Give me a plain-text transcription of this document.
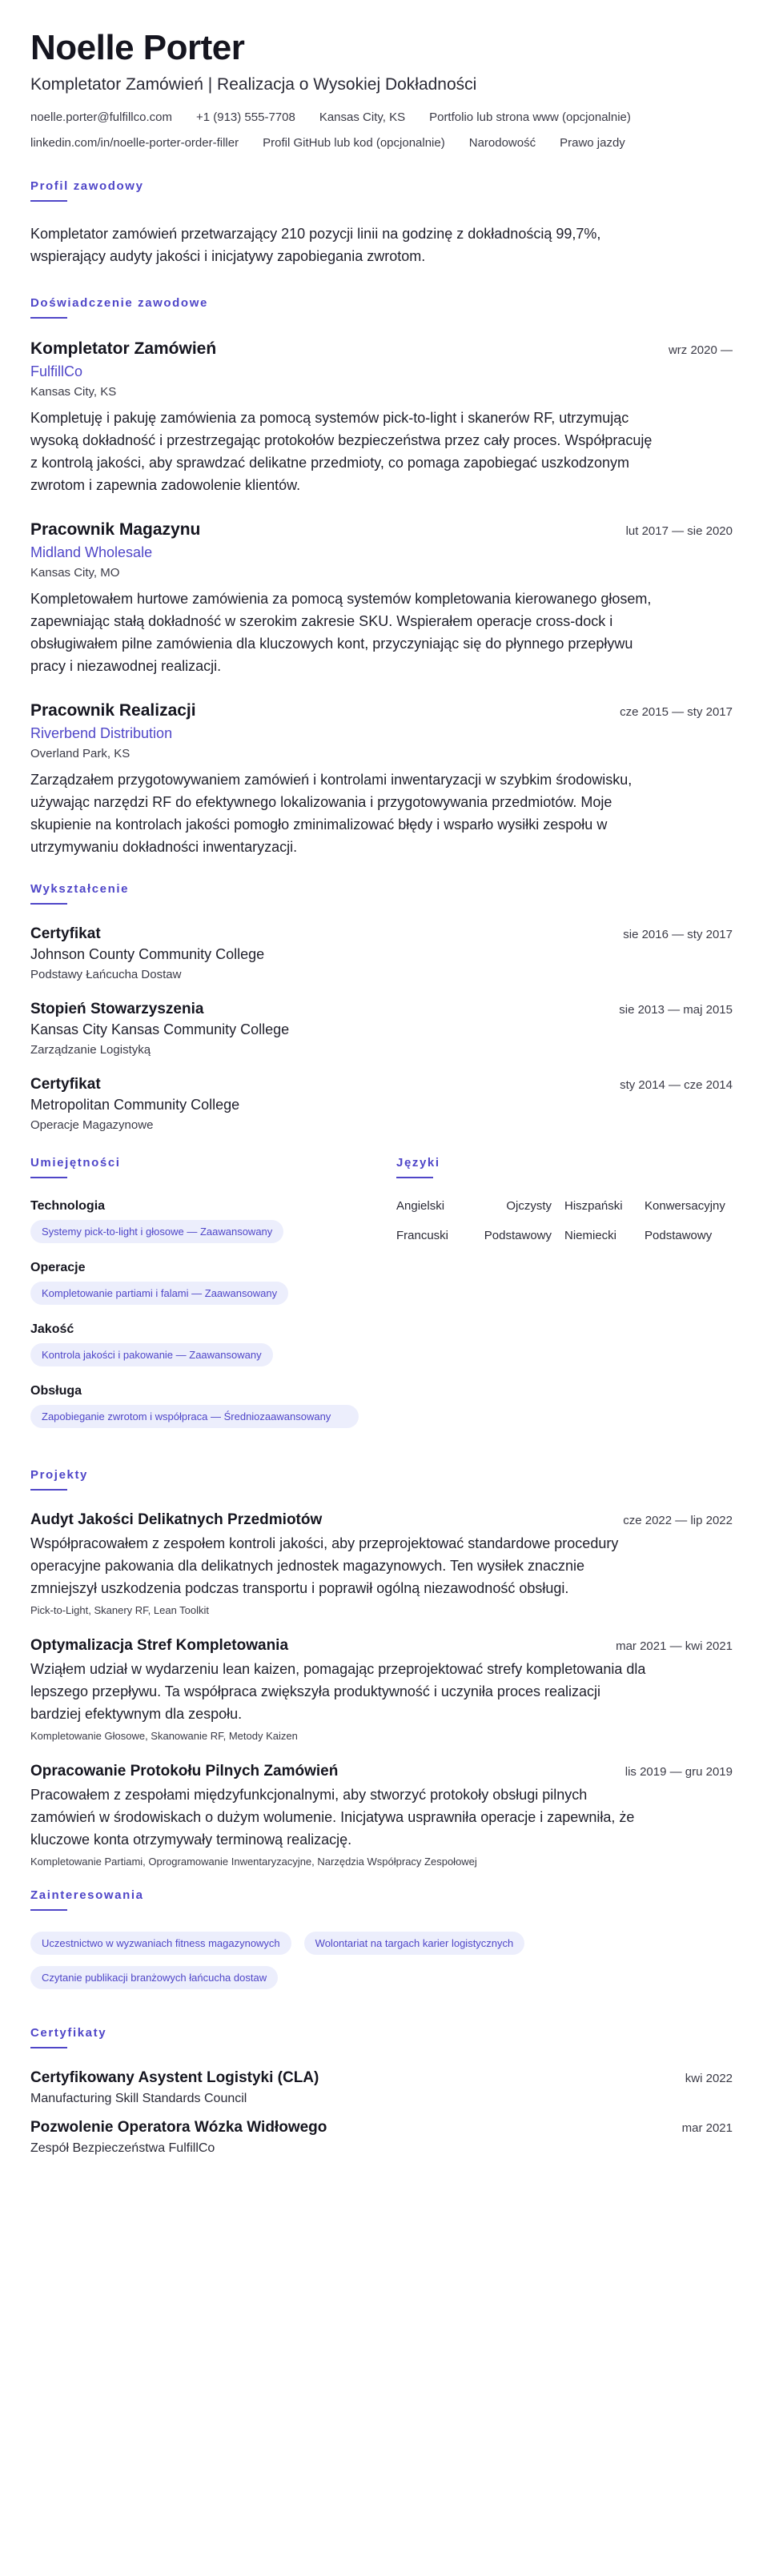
Noelle Porter
Kompletator Zamówień | Realizacja o Wysokiej Dokładności
noelle.porter@fulfillco.com +1 (913) 555-7708 Kansas City, KS Portfolio lub strona www (opcjonalnie)
linkedin.com/in/noelle-porter-order-filler Profil GitHub lub kod (opcjonalnie) Narodowość Prawo jazdy
Profil zawodowy

Kompletator zamówień przetwarzający 210 pozycji linii na godzinę z dokładnością 99,7%, wspierający audyty jakości i inicjatywy zapobiegania zwrotom.

Doświadczenie zawodowe
Kompletator Zamówień	wrz 2020 —
FulfillCo
Kansas City, KS

Kompletuję i pakuję zamówienia za pomocą systemów pick-to-light i skanerów RF, utrzymując wysoką dokładność i przestrzegając protokołów bezpieczeństwa przez cały proces. Współpracuję z kontrolą jakości, aby sprawdzać delikatne przedmioty, co pomaga zapobiegać uszkodzonym zwrotom i zapewnia zadowolenie klientów.

Pracownik Magazynu	lut 2017 — sie 2020
Midland Wholesale
Kansas City, MO

Kompletowałem hurtowe zamówienia za pomocą systemów kompletowania kierowanego głosem, zapewniając stałą dokładność w szerokim zakresie SKU. Wspierałem operacje cross-dock i obsługiwałem pilne zamówienia dla kluczowych kont, przyczyniając się do płynnego przepływu pracy i niezawodnej realizacji.

Pracownik Realizacji	cze 2015 — sty 2017
Riverbend Distribution
Overland Park, KS

Zarządzałem przygotowywaniem zamówień i kontrolami inwentaryzacji w szybkim środowisku, używając narzędzi RF do efektywnego lokalizowania i przygotowywania przedmiotów. Moje skupienie na kontrolach jakości pomogło zminimalizować błędy i wsparło wysiłki zespołu w utrzymywaniu dokładności inwentaryzacji.

Wykształcenie
Certyfikat	sie 2016 — sty 2017
Johnson County Community College
Podstawy Łańcucha Dostaw
Stopień Stowarzyszenia	sie 2013 — maj 2015
Kansas City Kansas Community College
Zarządzanie Logistyką
Certyfikat	sty 2014 — cze 2014
Metropolitan Community College
Operacje Magazynowe
Umiejętności
Technologia
Systemy pick-to-light i głosowe — Zaawansowany
Operacje
Kompletowanie partiami i falami — Zaawansowany
Jakość
Kontrola jakości i pakowanie — Zaawansowany
Obsługa
Zapobieganie zwrotom i współpraca — Średniozaawansowany
Języki
Angielski	Ojczysty	Hiszpański	Konwersacyjny
Francuski	Podstawowy	Niemiecki	Podstawowy
Projekty
Audyt Jakości Delikatnych Przedmiotów	cze 2022 — lip 2022

Współpracowałem z zespołem kontroli jakości, aby przeprojektować standardowe procedury operacyjne pakowania dla delikatnych jednostek magazynowych. Ten wysiłek znacznie zmniejszył uszkodzenia podczas transportu i poprawił ogólną niezawodność obsługi.

Pick-to-Light, Skanery RF, Lean Toolkit
Optymalizacja Stref Kompletowania	mar 2021 — kwi 2021

Wziąłem udział w wydarzeniu lean kaizen, pomagając przeprojektować strefy kompletowania dla lepszego przepływu. Ta współpraca zwiększyła produktywność i uczyniła proces realizacji bardziej efektywnym dla zespołu.

Kompletowanie Głosowe, Skanowanie RF, Metody Kaizen
Opracowanie Protokołu Pilnych Zamówień	lis 2019 — gru 2019

Pracowałem z zespołami międzyfunkcjonalnymi, aby stworzyć protokoły obsługi pilnych zamówień w środowiskach o dużym wolumenie. Inicjatywa usprawniła operacje i zapewniła, że kluczowe konta otrzymywały terminową realizację.

Kompletowanie Partiami, Oprogramowanie Inwentaryzacyjne, Narzędzia Współpracy Zespołowej
Zainteresowania
Uczestnictwo w wyzwaniach fitness magazynowych	Wolontariat na targach karier logistycznych
Czytanie publikacji branżowych łańcucha dostaw
Certyfikaty
Certyfikowany Asystent Logistyki (CLA)	kwi 2022
Manufacturing Skill Standards Council
Pozwolenie Operatora Wózka Widłowego	mar 2021
Zespół Bezpieczeństwa FulfillCo
